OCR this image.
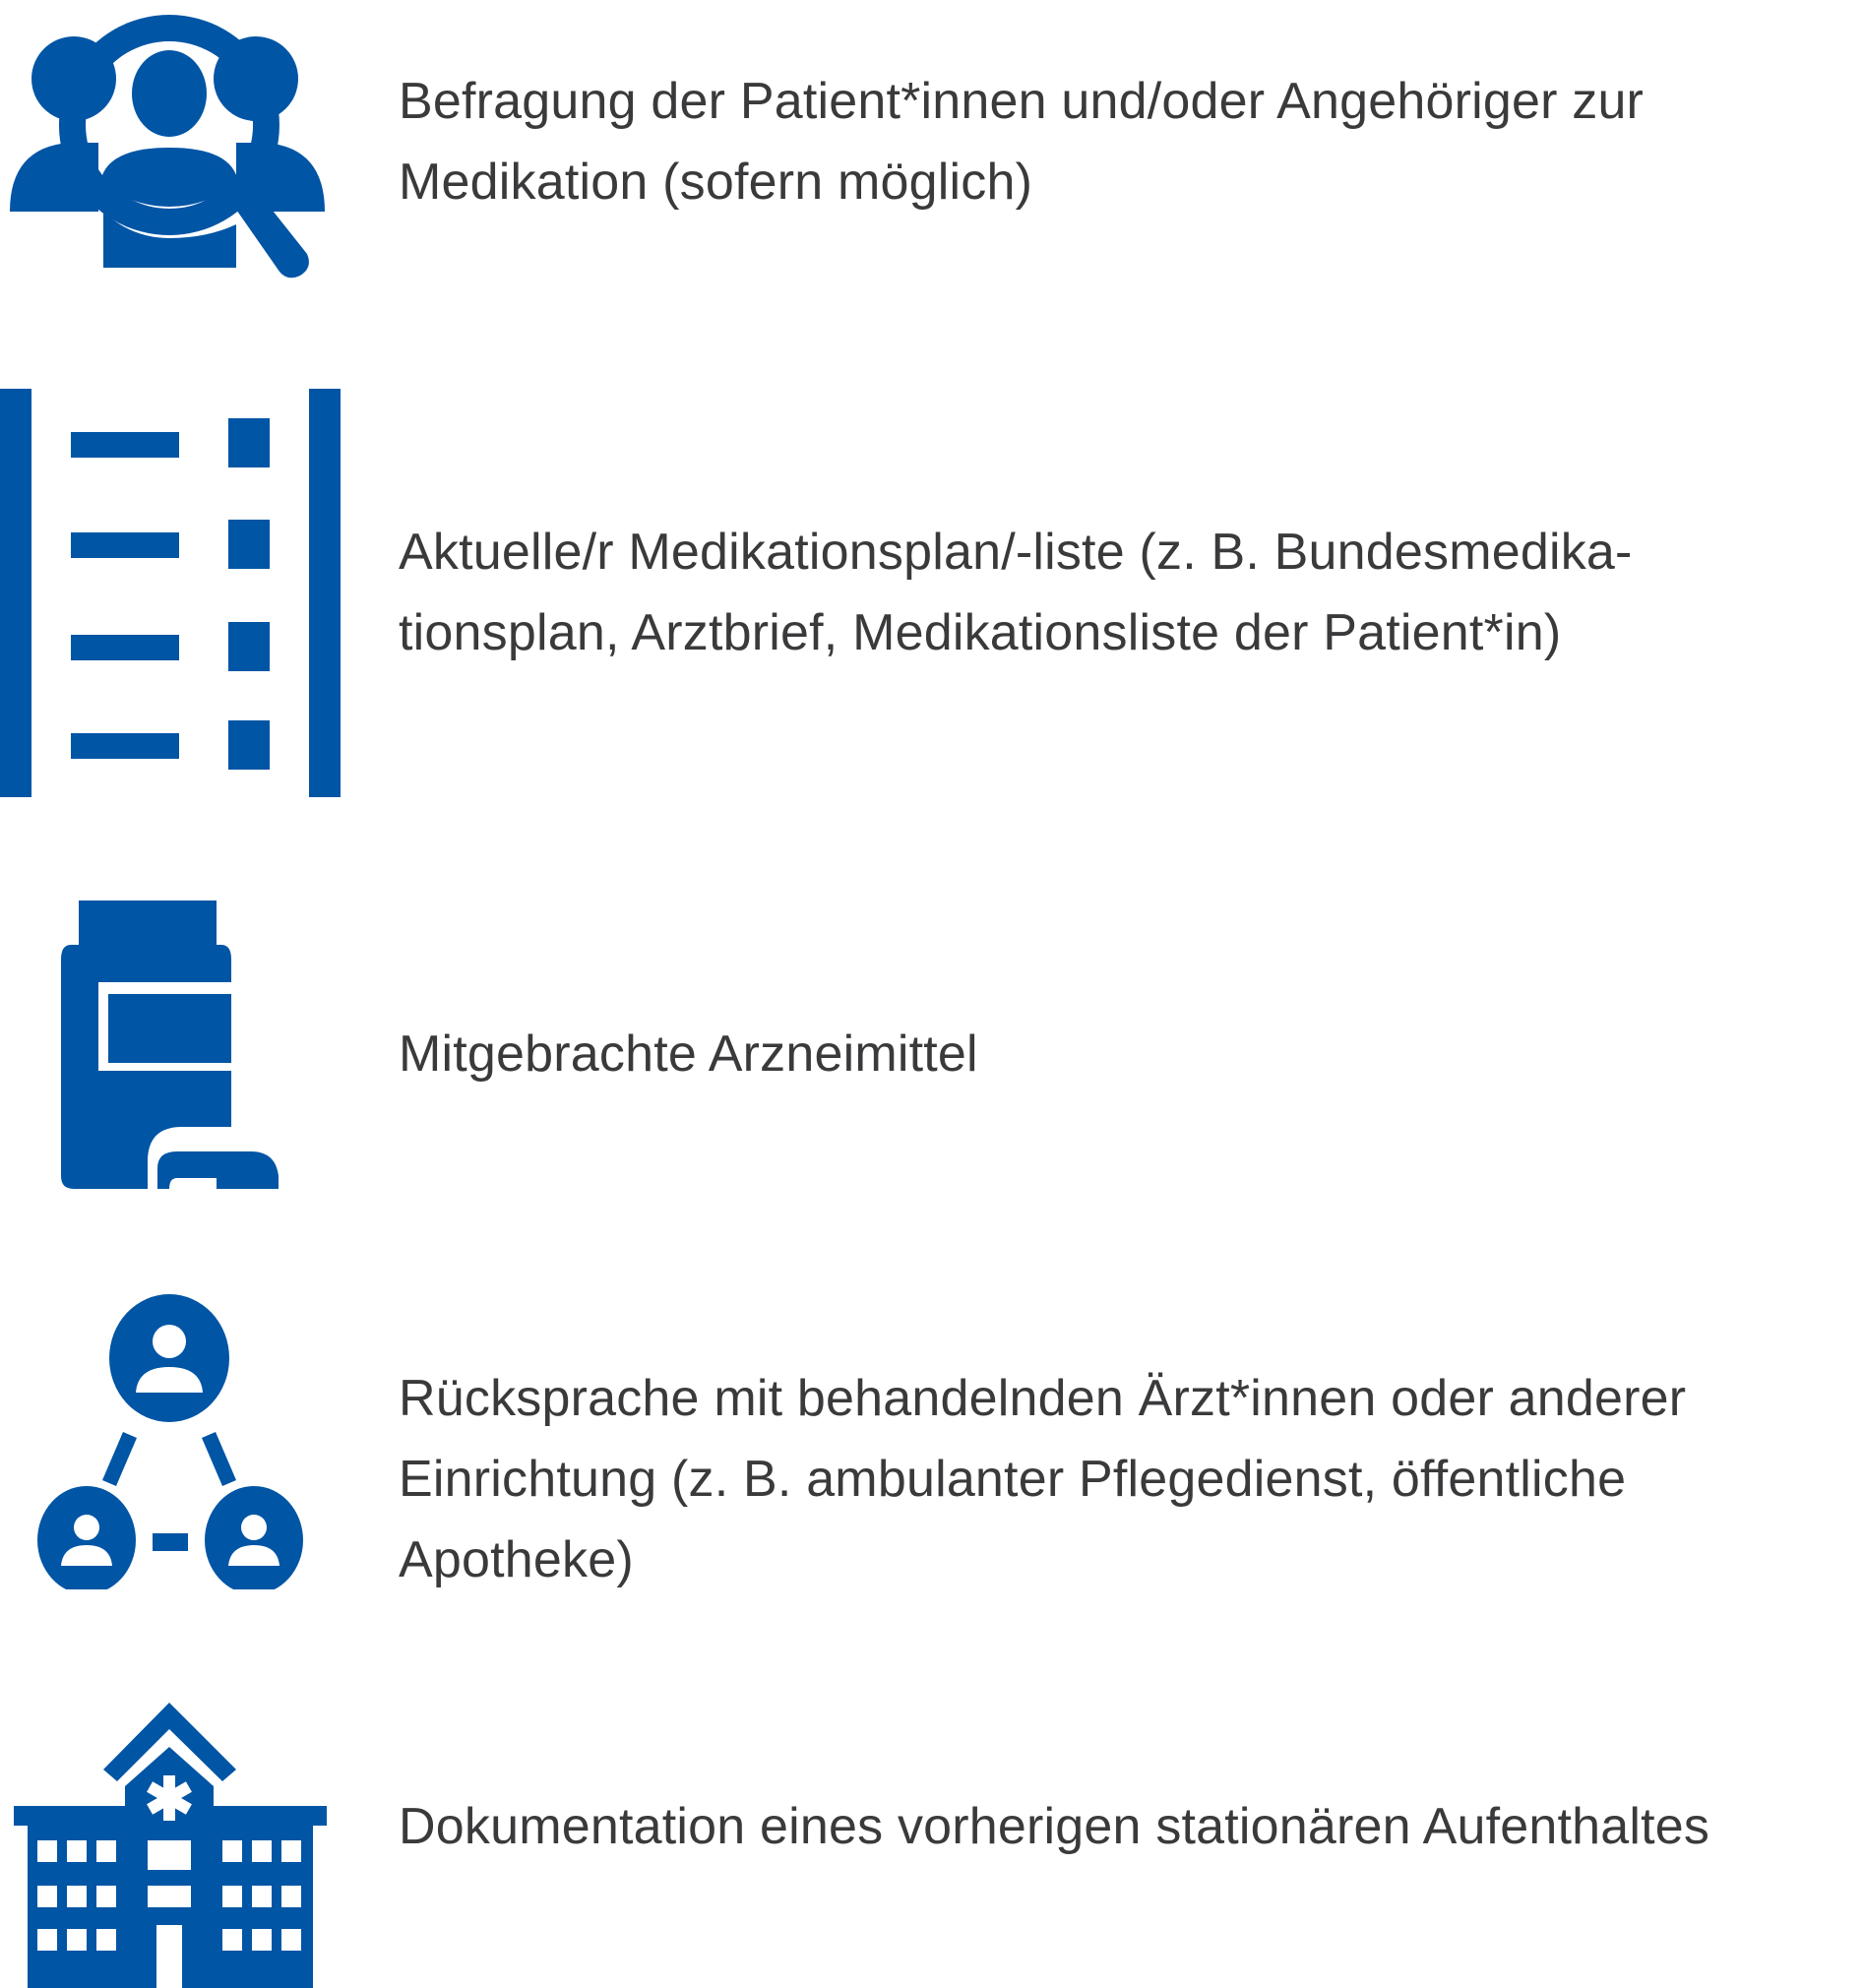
Befragung der Patient*innen und/oder Angehöriger zur
Medikation (sofern möglich)
Aktuelle/r Medikationsplan/-liste (z. B. Bundesmedika-
tionsplan, Arztbrief, Medikationsliste der Patient*in)
Mitgebrachte Arzneimittel
Rücksprache mit behandelnden Ärzt*innen oder anderer
Einrichtung (z. B. ambulanter Pflegedienst, öffentliche
Apotheke)
Dokumentation eines vorherigen stationären Aufenthaltes
